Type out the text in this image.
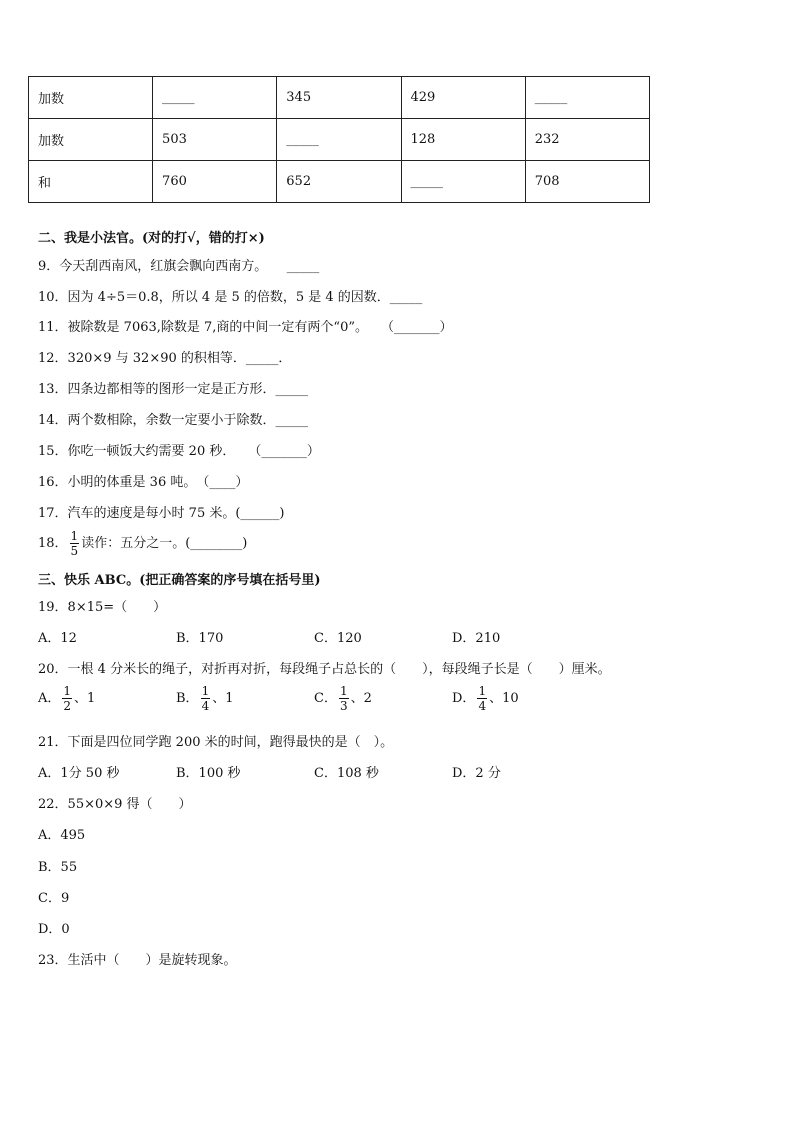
加数	_____	345	429	_____
加数	503	_____	128	232
和	760	652	_____	708
二、我是小法官。(对的打√，错的打×)
9．今天刮西南风，红旗会飘向西南方。　　_____
10．因为 4÷5＝0.8，所以 4 是 5 的倍数，5 是 4 的因数．_____
11．被除数是 7063,除数是 7,商的中间一定有两个“0”。　　（_______）
12．320×9 与 32×90 的积相等．_____．
13．四条边都相等的图形一定是正方形．_____
14．两个数相除，余数一定要小于除数．_____
15．你吃一顿饭大约需要 20 秒．　　（_______）
16．小明的体重是 36 吨。　（____）
17．汽车的速度是每小时 75 米。(______)
18． $\frac{1}{5}$ 读作：五分之一。(________)
三、快乐 ABC。(把正确答案的序号填在括号里)
19．8×15=（　　）
A．12	B．170	C．120	D．210
20．一根 4 分米长的绳子，对折再对折，每段绳子占总长的（　　），每段绳子长是（　　）厘米。
A． $\frac{1}{2}$ 、1	B． $\frac{1}{4}$ 、1	C． $\frac{1}{3}$ 、2	D． $\frac{1}{4}$ 、10
21．下面是四位同学跑 200 米的时间，跑得最快的是（　）。
A．1分 50 秒	B．100 秒	C．108 秒	D．2 分
22．55×0×9 得（　　）
A．495
B．55
C．9
D．0
23．生活中（　　）是旋转现象。
